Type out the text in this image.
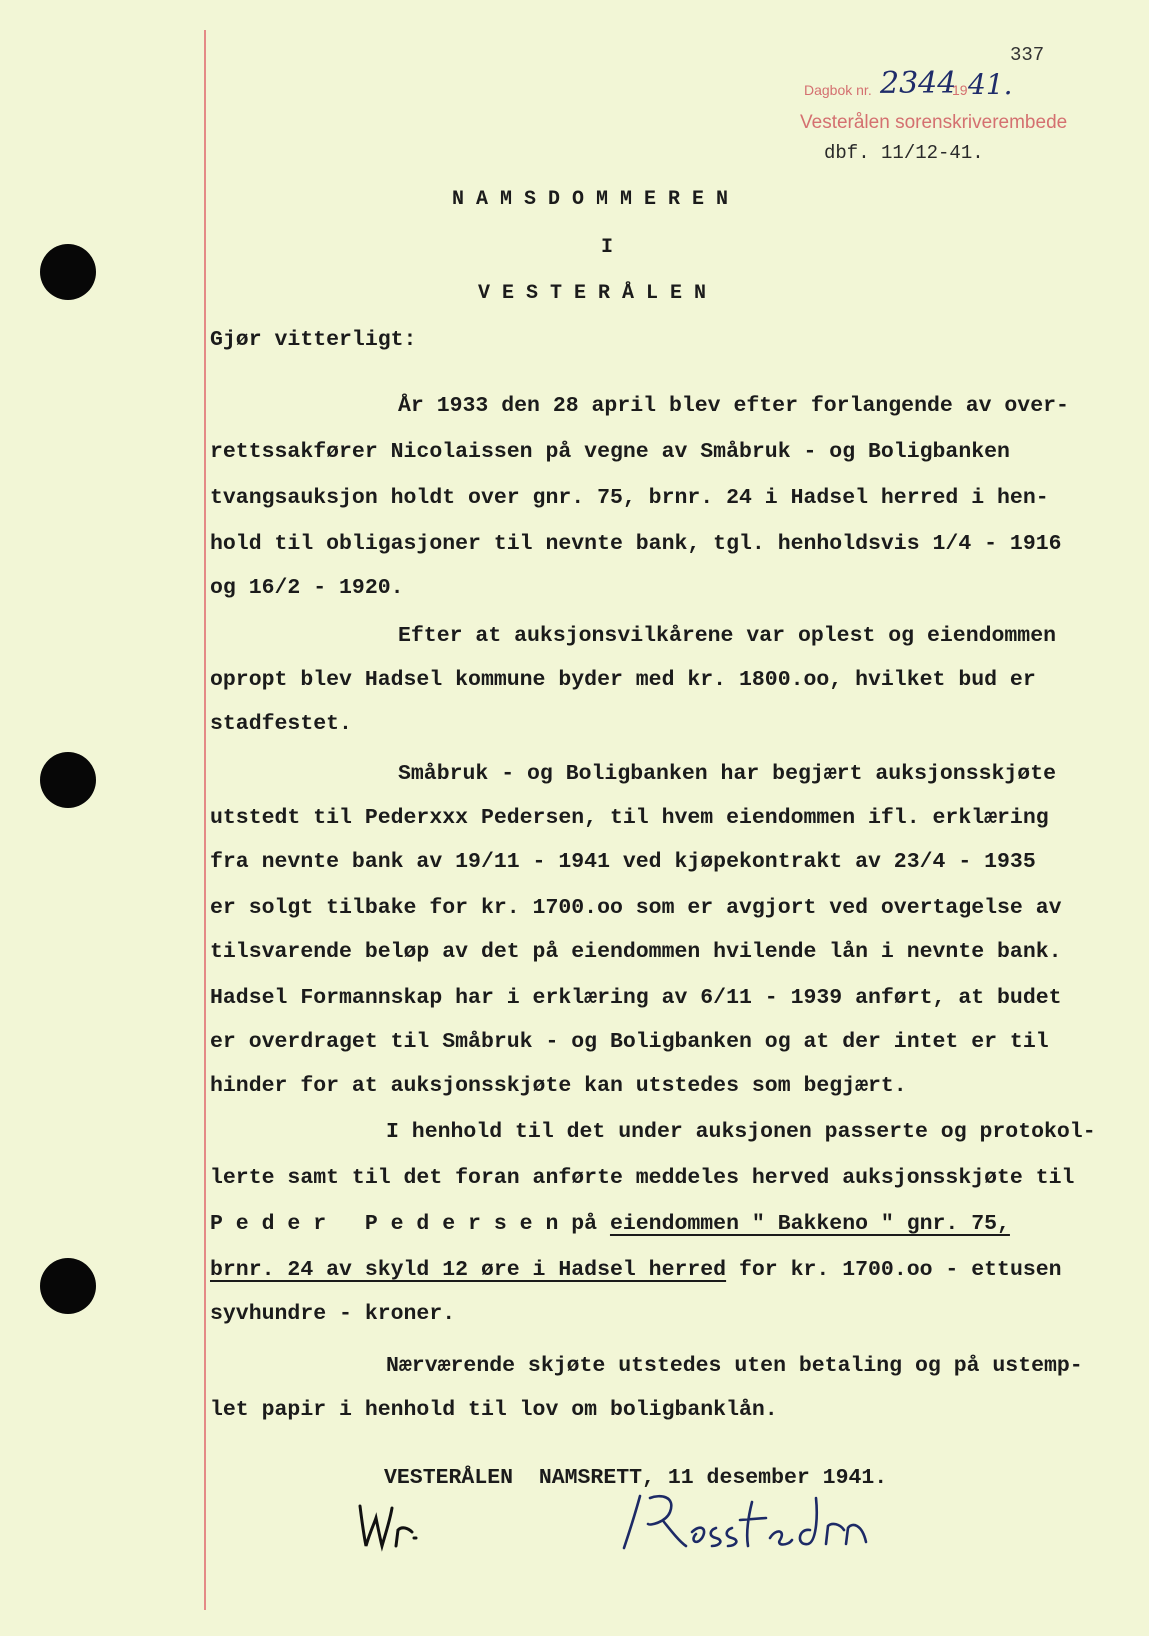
337
Dagbok nr. 2344
19 41.
Vesterålen sorenskriverembede
dbf. 11/12-41.
N A M S D O M M E R E N
I
V E S T E R Å L E N
Gjør vitterligt:
År 1933 den 28 april blev efter forlangende av over-
rettssakfører Nicolaissen på vegne av Småbruk - og Boligbanken
tvangsauksjon holdt over gnr. 75, brnr. 24 i Hadsel herred i hen-
hold til obligasjoner til nevnte bank, tgl. henholdsvis 1/4 - 1916
og 16/2 - 1920.
Efter at auksjonsvilkårene var oplest og eiendommen
opropt blev Hadsel kommune byder med kr. 1800.oo, hvilket bud er
stadfestet.
Småbruk - og Boligbanken har begjært auksjonsskjøte
utstedt til Pederxxx Pedersen, til hvem eiendommen ifl. erklæring
fra nevnte bank av 19/11 - 1941 ved kjøpekontrakt av 23/4 - 1935
er solgt tilbake for kr. 1700.oo som er avgjort ved overtagelse av
tilsvarende beløp av det på eiendommen hvilende lån i nevnte bank.
Hadsel Formannskap har i erklæring av 6/11 - 1939 anført, at budet
er overdraget til Småbruk - og Boligbanken og at der intet er til
hinder for at auksjonsskjøte kan utstedes som begjært.
I henhold til det under auksjonen passerte og protokol-
lerte samt til det foran anførte meddeles herved auksjonsskjøte til
P e d e r   P e d e r s e n på eiendommen " Bakkeno " gnr. 75,
brnr. 24 av skyld 12 øre i Hadsel herred for kr. 1700.oo - ettusen
syvhundre - kroner.
Nærværende skjøte utstedes uten betaling og på ustemp-
let papir i henhold til lov om boligbanklån.
VESTERÅLEN  NAMSRETT, 11 desember 1941.
